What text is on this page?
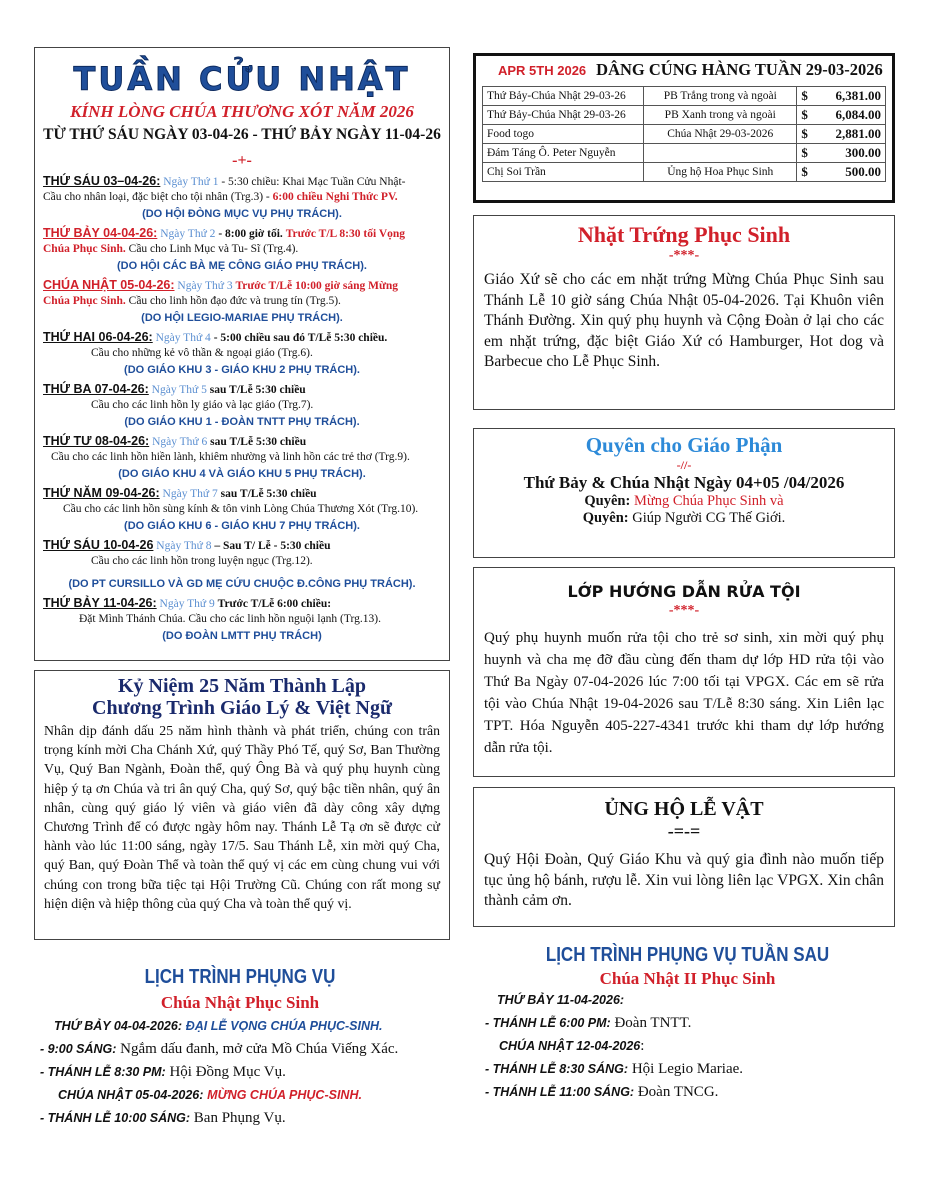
TUẦN CỬU NHẬT
KÍNH LÒNG CHÚA THƯƠNG XÓT NĂM 2026
TỪ THỨ SÁU NGÀY 03-04-26 - THỨ BẢY NGÀY 11-04-26
-+-
THỨ SÁU 03–04-26: Ngày Thứ 1 - 5:30 chiều: Khai Mạc Tuần Cửu Nhật-
Cầu cho nhân loại, đặc biệt cho tội nhân (Trg.3) - 6:00 chiều Nghi Thức PV.
(DO HỘI ĐÒNG MỤC VỤ PHỤ TRÁCH).
THỨ BẢY 04-04-26: Ngày Thứ 2 - 8:00 giờ tối. Trước T/L 8:30 tối Vọng
Chúa Phục Sinh. Cầu cho Linh Mục và Tu- Sĩ (Trg.4).
(DO HỘI CÁC BÀ MẸ CÔNG GIÁO PHỤ TRÁCH).
CHÚA NHẬT 05-04-26: Ngày Thứ 3 Trước T/Lễ 10:00 giờ sáng Mừng
Chúa Phục Sinh. Cầu cho linh hồn đạo đức và trung tín (Trg.5).
(DO HỘI LEGIO-MARIAE PHỤ TRÁCH).
THỨ HAI 06-04-26: Ngày Thứ 4 - 5:00 chiều sau đó T/Lễ 5:30 chiều.
Cầu cho những kẻ vô thần & ngoại giáo (Trg.6).
(DO GIÁO KHU 3 - GIÁO KHU 2 PHỤ TRÁCH).
THỨ BA 07-04-26: Ngày Thứ 5 sau T/Lễ 5:30 chiều
Cầu cho các linh hồn ly giáo và lạc giáo (Trg.7).
(DO GIÁO KHU 1 - ĐOÀN TNTT PHỤ TRÁCH).
THỨ TƯ 08-04-26: Ngày Thứ 6 sau T/Lễ 5:30 chiều
Cầu cho các linh hồn hiền lành, khiêm nhường và linh hồn các trẻ thơ (Trg.9).
(DO GIÁO KHU 4 VÀ GIÁO KHU 5 PHỤ TRÁCH).
THỨ NĂM 09-04-26: Ngày Thứ 7 sau T/Lễ 5:30 chiều
Cầu cho các linh hồn sùng kính & tôn vinh Lòng Chúa Thương Xót (Trg.10).
(DO GIÁO KHU 6 - GIÁO KHU 7 PHỤ TRÁCH).
THỨ SÁU 10-04-26 Ngày Thứ 8 – Sau T/ Lễ - 5:30 chiều
Cầu cho các linh hồn trong luyện ngục (Trg.12).
(DO PT CURSILLO VÀ GD MẸ CỨU CHUỘC Đ.CÔNG PHỤ TRÁCH).
THỨ BẢY 11-04-26: Ngày Thứ 9 Trước T/Lễ 6:00 chiều:
Đặt Mình Thánh Chúa. Cầu cho các linh hồn nguội lạnh (Trg.13).
(DO ĐOÀN LMTT PHỤ TRÁCH)
Kỷ Niệm 25 Năm Thành Lập
Chương Trình Giáo Lý & Việt Ngữ
Nhân dịp đánh dấu 25 năm hình thành và phát triển, chúng con trân trọng kính mời Cha Chánh Xứ, quý Thầy Phó Tế, quý Sơ, Ban Thường Vụ, Quý Ban Ngành, Đoàn thể, quý Ông Bà và quý phụ huynh cùng hiệp ý tạ ơn Chúa và tri ân quý Cha, quý Sơ, quý bậc tiền nhân, quý ân nhân, cùng quý giáo lý viên và giáo viên đã dày công xây dựng Chương Trình để có được ngày hôm nay. Thánh Lễ Tạ ơn sẽ được cử hành vào lúc 11:00 sáng, ngày 17/5. Sau Thánh Lễ, xin mời quý Cha, quý Ban, quý Đoàn Thể và toàn thể quý vị các em cùng chung vui với chúng con trong bữa tiệc tại Hội Trường Cũ. Chúng con rất mong sự hiện diện và hiệp thông của quý Cha và toàn thể quý vị.
APR 5TH 2026 DÂNG CÚNG HÀNG TUẦN 29-03-2026
Thứ Bảy-Chúa Nhật 29-03-26	PB Trắng trong và ngoài	$ 6,381.00

Thứ Bảy-Chúa Nhật 29-03-26	PB Xanh trong và ngoài	$ 6,084.00

Food togo	Chúa Nhật 29-03-2026	$ 2,881.00

Đám Táng Ô. Peter Nguyễn		$ 300.00

Chị Soi Trần	Ủng hộ Hoa Phục Sinh	$ 500.00
Nhặt Trứng Phục Sinh
-***-
Giáo Xứ sẽ cho các em nhặt trứng Mừng Chúa Phục Sinh sau Thánh Lễ 10 giờ sáng Chúa Nhật 05-04-2026. Tại Khuôn viên Thánh Đường. Xin quý phụ huynh và Cộng Đoàn ở lại cho các em nhặt trứng, đặc biệt Giáo Xứ có Hamburger, Hot dog và Barbecue cho Lễ Phục Sinh.
Quyên cho Giáo Phận
-//-
Thứ Bảy & Chúa Nhật Ngày 04+05 /04/2026
Quyên: Mừng Chúa Phục Sinh và
Quyên: Giúp Người CG Thế Giới.
LỚP HƯỚNG DẪN RỬA TỘI
-***-
Quý phụ huynh muốn rửa tội cho trẻ sơ sinh, xin mời quý phụ huynh và cha mẹ đỡ đầu cùng đến tham dự lớp HD rửa tội vào Thứ Ba Ngày 07-04-2026 lúc 7:00 tối tại VPGX. Các em sẽ rửa tội vào Chúa Nhật 19-04-2026 sau T/Lễ 8:30 sáng. Xin Liên lạc TPT. Hóa Nguyễn 405-227-4341 trước khi tham dự lớp hướng dẫn rửa tội.
ỦNG HỘ LỄ VẬT
-=-=
Quý Hội Đoàn, Quý Giáo Khu và quý gia đình nào muốn tiếp tục ủng hộ bánh, rượu lễ. Xin vui lòng liên lạc VPGX. Xin chân thành cảm ơn.
LỊCH TRÌNH PHỤNG VỤ
Chúa Nhật Phục Sinh
THỨ BẢY 04-04-2026: ĐẠI LỄ VỌNG CHÚA PHỤC-SINH.
- 9:00 SÁNG: Ngắm dấu đanh, mở cửa Mồ Chúa Viếng Xác.
- THÁNH LỄ 8:30 PM: Hội Đồng Mục Vụ.
CHÚA NHẬT 05-04-2026: MỪNG CHÚA PHỤC-SINH.
- THÁNH LỄ 10:00 SÁNG: Ban Phụng Vụ.
LỊCH TRÌNH PHỤNG VỤ TUẦN SAU
Chúa Nhật II Phục Sinh
THỨ BẢY 11-04-2026:
- THÁNH LỄ 6:00 PM: Đoàn TNTT.
CHÚA NHẬT 12-04-2026:
- THÁNH LỄ 8:30 SÁNG: Hội Legio Mariae.
- THÁNH LỄ 11:00 SÁNG: Đoàn TNCG.
